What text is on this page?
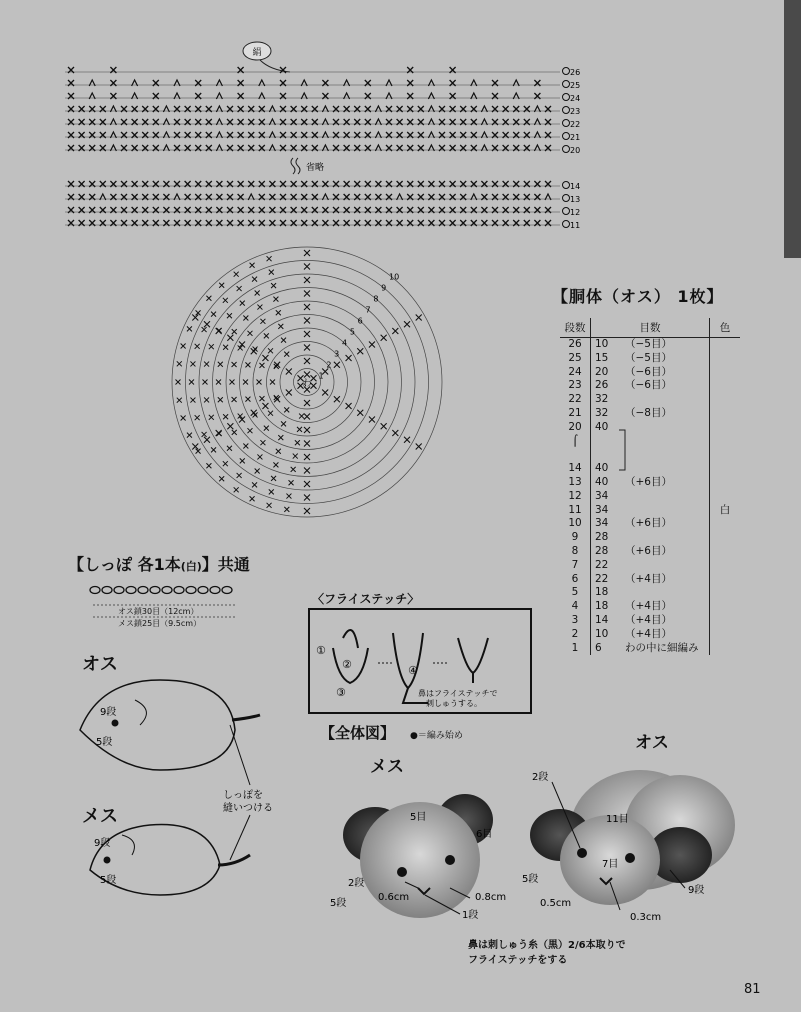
絹
26
25
24
23
22
21
20
省略
14
13
12
11
わ
1
2
3
4
5
6
7
8
9
10
【胴体（オス） 1枚】
段数	目数		色
26	10	（−5目）	
25	15	（−5目）	
24	20	（−6目）	
23	26	（−6目）	
22	32		
21	32	（−8目）	
20	40		
⌠			

14	40		
13	40	（+6目）	
12	34		
11	34		白
10	34	（+6目）	
9	28		
8	28	（+6目）	
7	22		
6	22	（+4目）	
5	18		
4	18	（+4目）	
3	14	（+4目）	
2	10	（+4目）	
1	6	わの中に細編み	
【しっぽ 各1本(白)】共通
オス鎖30目（12cm）
メス鎖25目（9.5cm）
〈フライステッチ〉
①
②
③
④
鼻はフライステッチで
刺しゅうする。
オス
メス
9段
5段
9段
5段
しっぽを
縫いつける
【全体図】 ●＝編み始め
メス
オス
5目
6目
2段
5段
0.6cm	0.8cm
1段
2段
11目
7目
5段
9段
0.5cm
0.3cm
鼻は刺しゅう糸（黒）2/6本取りで
フライステッチをする
81
